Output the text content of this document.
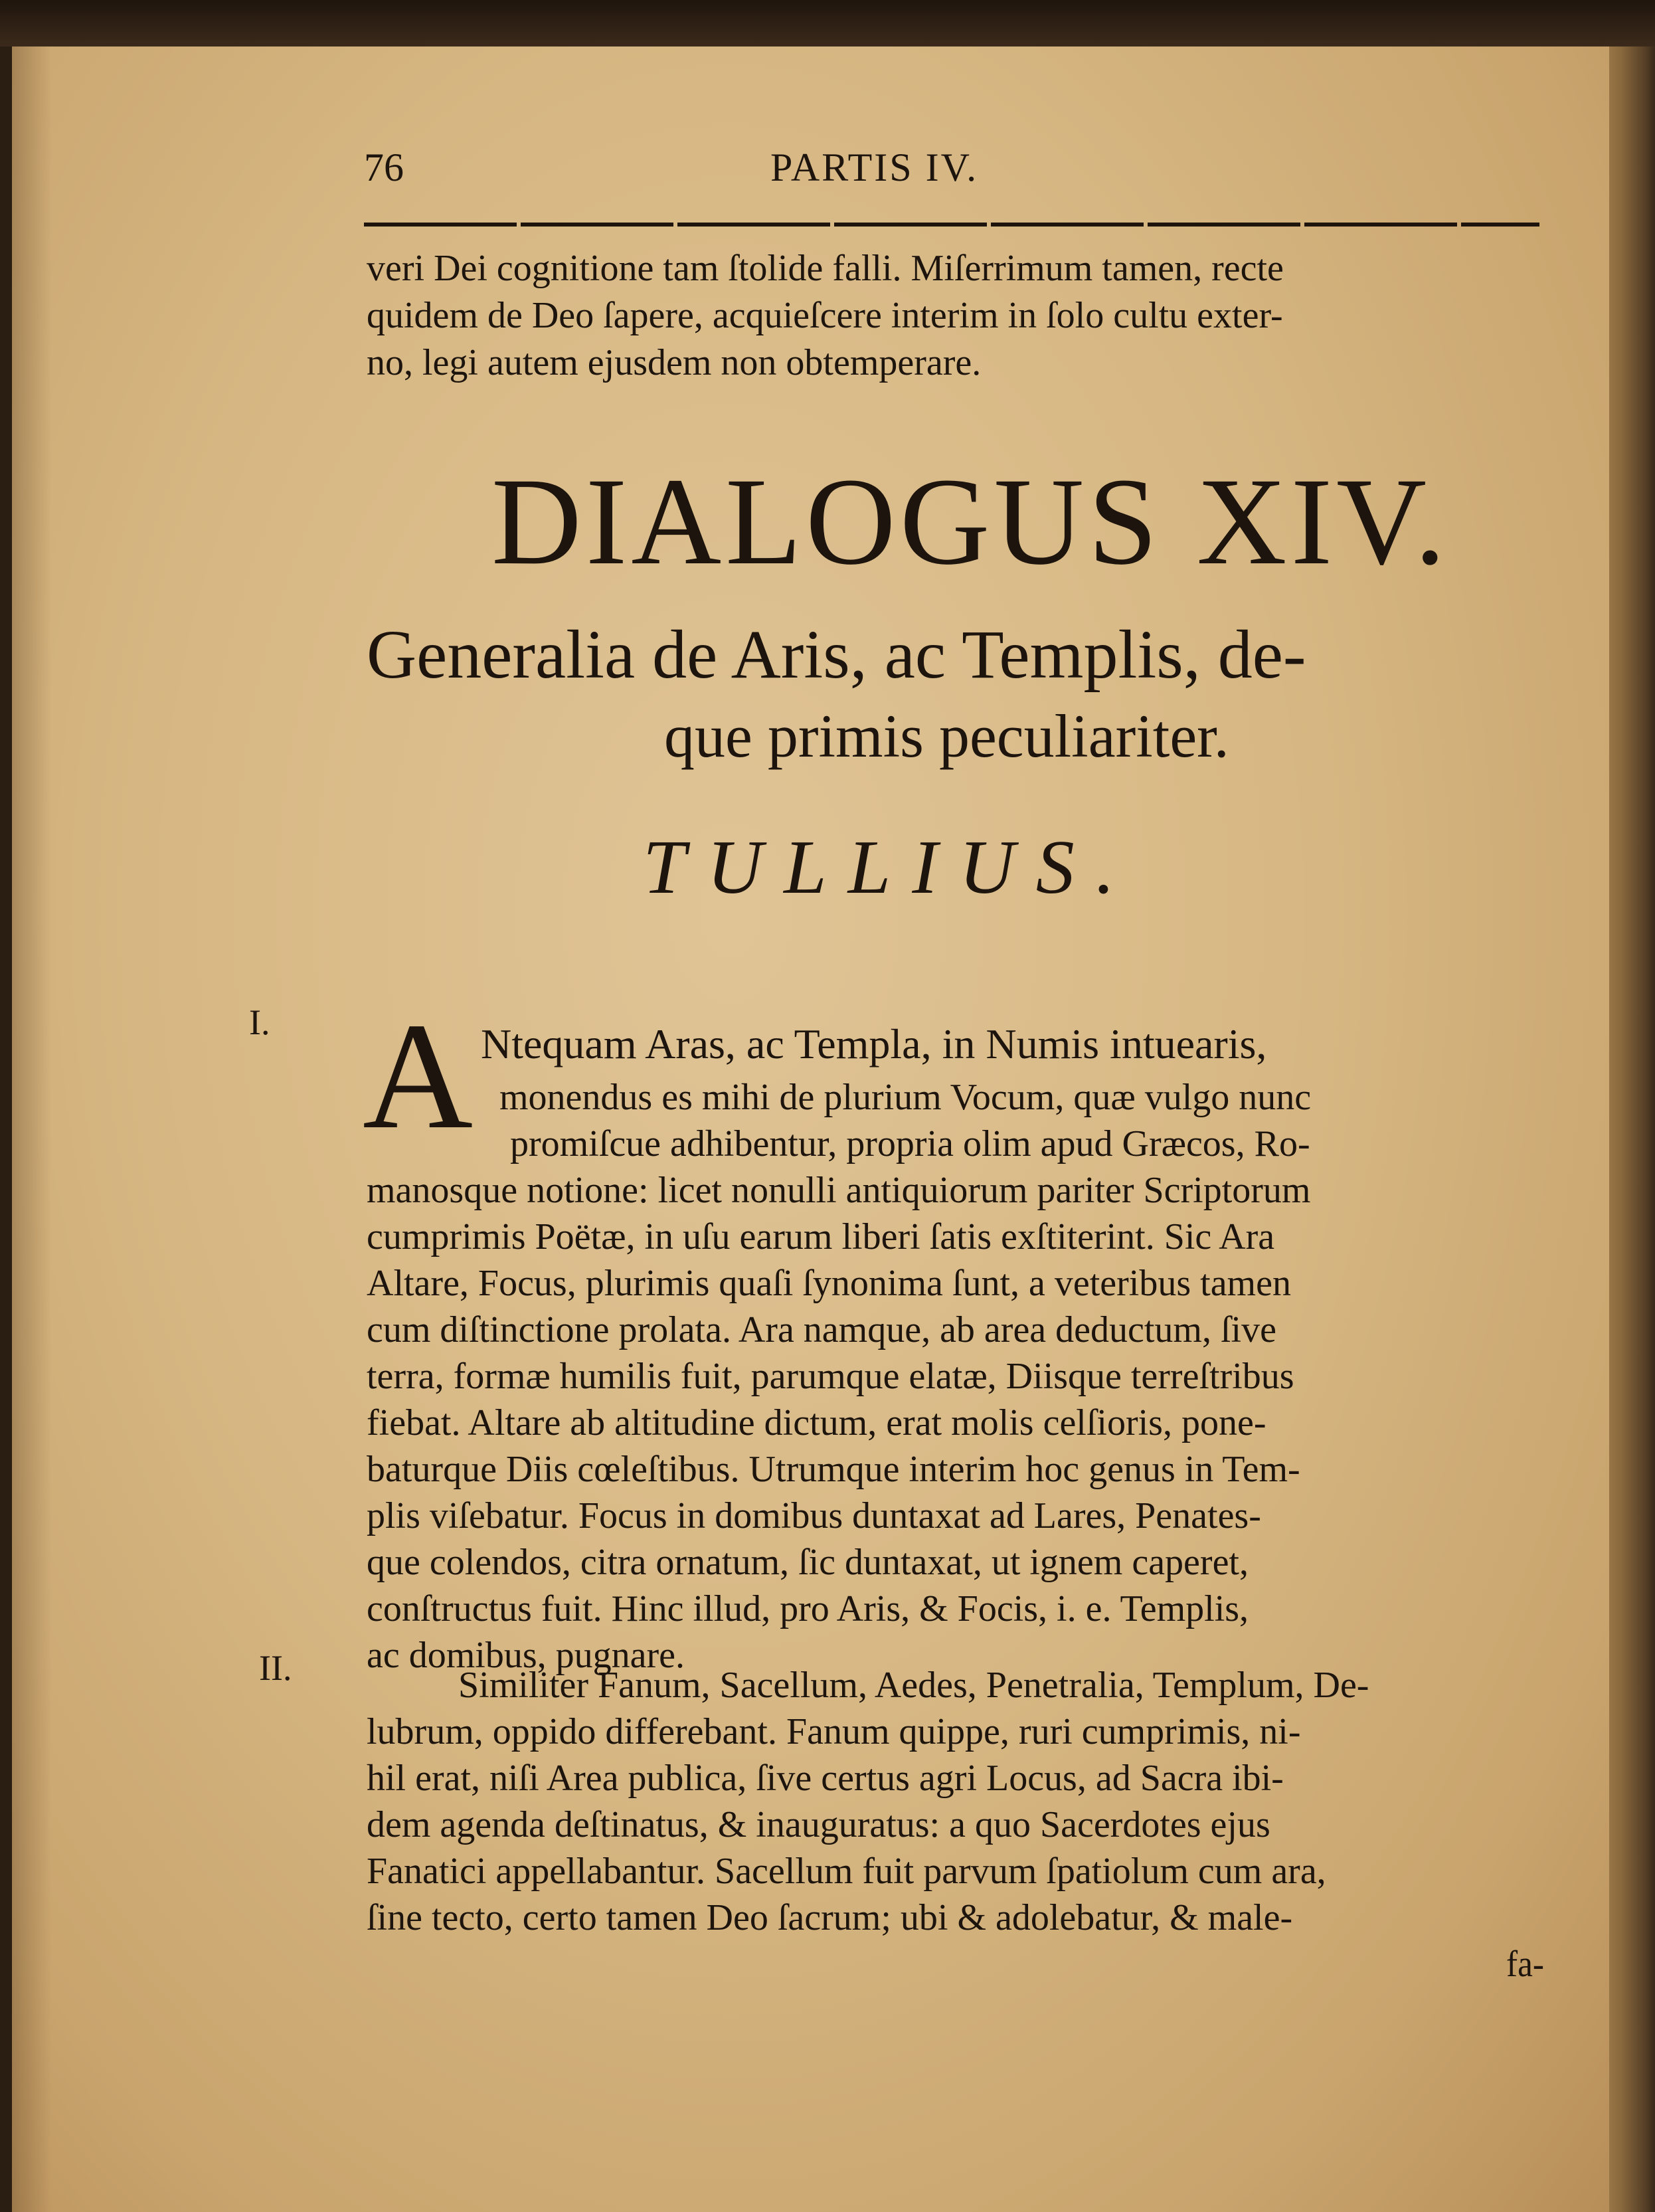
76	PARTIS IV.
veri Dei cognitione tam ſtolide falli. Miſerrimum tamen, recte
quidem de Deo ſapere, acquieſcere interim in ſolo cultu exter-
no, legi autem ejusdem non obtemperare.
DIALOGUS XIV.
Generalia de Aris, ac Templis, de-
que primis peculiariter.
TULLIUS.
I.
II.
A Ntequam Aras, ac Templa, in Numis intuearis,
monendus es mihi de plurium Vocum, quæ vulgo nunc
promiſcue adhibentur, propria olim apud Græcos, Ro-
manosque notione: licet nonulli antiquiorum pariter Scriptorum
cumprimis Poëtæ, in uſu earum liberi ſatis exſtiterint. Sic Ara
Altare, Focus, plurimis quaſi ſynonima ſunt, a veteribus tamen
cum diſtinctione prolata. Ara namque, ab area deductum, ſive
terra, formæ humilis fuit, parumque elatæ, Diisque terreſtribus
fiebat. Altare ab altitudine dictum, erat molis celſioris, pone-
baturque Diis cœleſtibus. Utrumque interim hoc genus in Tem-
plis viſebatur. Focus in domibus duntaxat ad Lares, Penates-
que colendos, citra ornatum, ſic duntaxat, ut ignem caperet,
conſtructus fuit. Hinc illud, pro Aris, & Focis, i. e. Templis,
ac domibus, pugnare.
Similiter Fanum, Sacellum, Aedes, Penetralia, Templum, De-
lubrum, oppido differebant. Fanum quippe, ruri cumprimis, ni-
hil erat, niſi Area publica, ſive certus agri Locus, ad Sacra ibi-
dem agenda deſtinatus, & inauguratus: a quo Sacerdotes ejus
Fanatici appellabantur. Sacellum fuit parvum ſpatiolum cum ara,
ſine tecto, certo tamen Deo ſacrum; ubi & adolebatur, & male-
fa-
